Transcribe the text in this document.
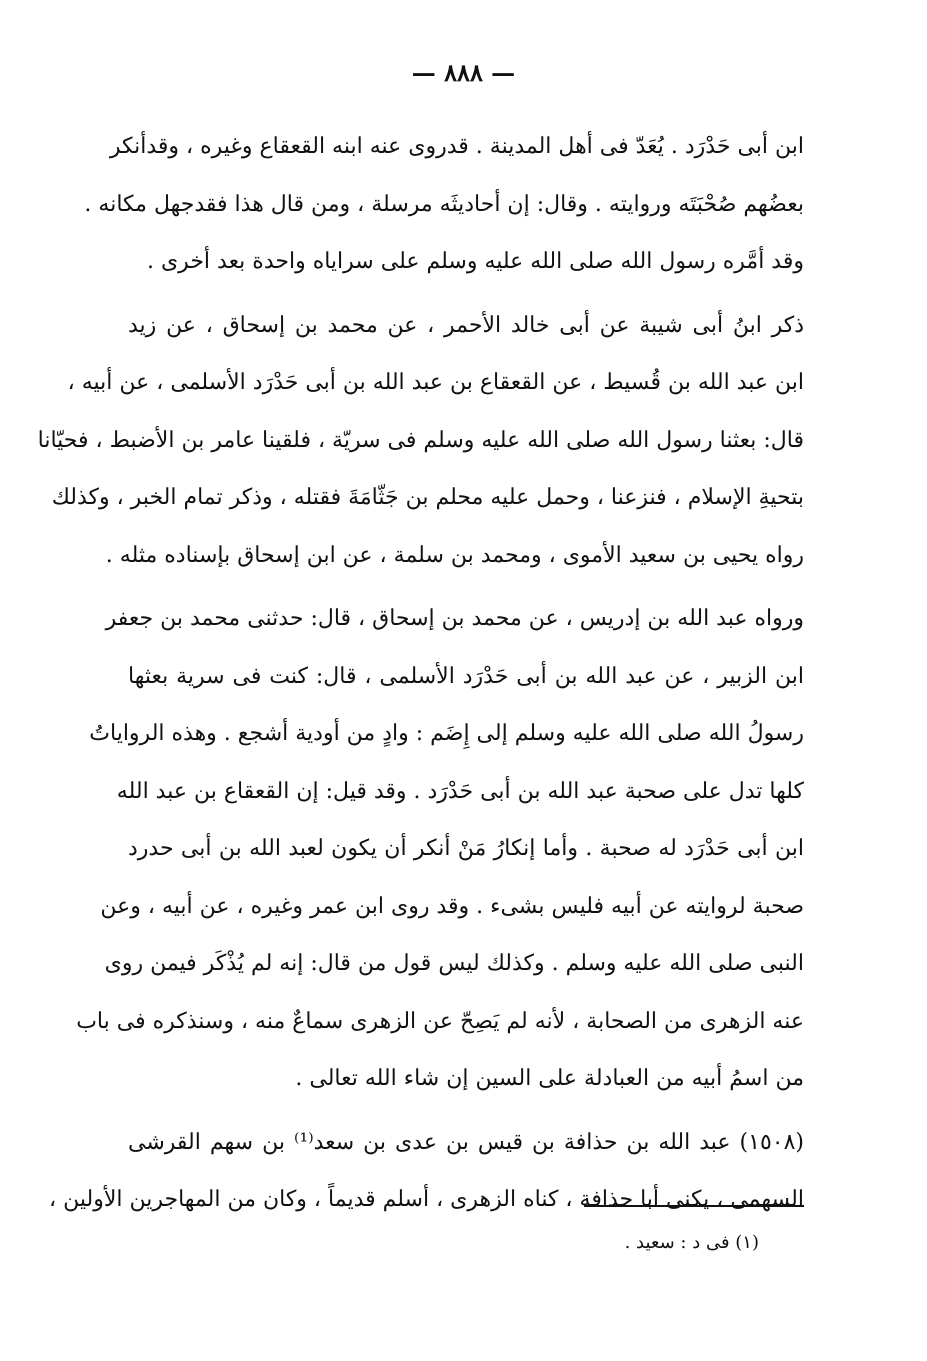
— ٨٨٨ —
ابن أبى حَدْرَد . يُعَدّ فى أهل المدينة . قدروى عنه ابنه القعقاع وغيره ، وقدأنكر
بعضُهم صُحْبَتَه وروايته . وقال: إن أحاديثَه مرسلة ، ومن قال هذا فقدجهل مكانه .
وقد أمَّره رسول الله صلى الله عليه وسلم على سراياه واحدة بعد أخرى .
ذكر ابنُ أبى شيبة عن أبى خالد الأحمر ، عن محمد بن إسحاق ، عن زيد
ابن عبد الله بن قُسيط ، عن القعقاع بن عبد الله بن أبى حَدْرَد الأسلمى ، عن أبيه ،
قال: بعثنا رسول الله صلى الله عليه وسلم فى سريّة ، فلقينا عامر بن الأضبط ، فحيّانا
بتحيةِ الإسلام ، فنزعنا ، وحمل عليه محلم بن جَثّامَةَ فقتله ، وذكر تمام الخبر ، وكذلك
رواه يحيى بن سعيد الأموى ، ومحمد بن سلمة ، عن ابن إسحاق بإسناده مثله .
ورواه عبد الله بن إدريس ، عن محمد بن إسحاق ، قال: حدثنى محمد بن جعفر
ابن الزبير ، عن عبد الله بن أبى حَدْرَد الأسلمى ، قال: كنت فى سرية بعثها
رسولُ الله صلى الله عليه وسلم إلى إِضَم : وادٍ من أودية أشجع . وهذه الرواياتُ
كلها تدل على صحبة عبد الله بن أبى حَدْرَد . وقد قيل: إن القعقاع بن عبد الله
ابن أبى حَدْرَد له صحبة . وأما إنكارُ مَنْ أنكر أن يكون لعبد الله بن أبى حدرد
صحبة لروايته عن أبيه فليس بشىء . وقد روى ابن عمر وغيره ، عن أبيه ، وعن
النبى صلى الله عليه وسلم . وكذلك ليس قول من قال: إنه لم يُذْكَر فيمن روى
عنه الزهرى من الصحابة ، لأنه لم يَصِحّ عن الزهرى سماعٌ منه ، وسنذكره فى باب
من اسمُ أبيه من العبادلة على السين إن شاء الله تعالى .
(١٥٠٨) عبد الله بن حذافة بن قيس بن عدى بن سعد⁽¹⁾ بن سهم القرشى
السهمى ، يكنى أبا حذافة ، كناه الزهرى ، أسلم قديماً ، وكان من المهاجرين الأولين ،
(١) فى د : سعيد .
